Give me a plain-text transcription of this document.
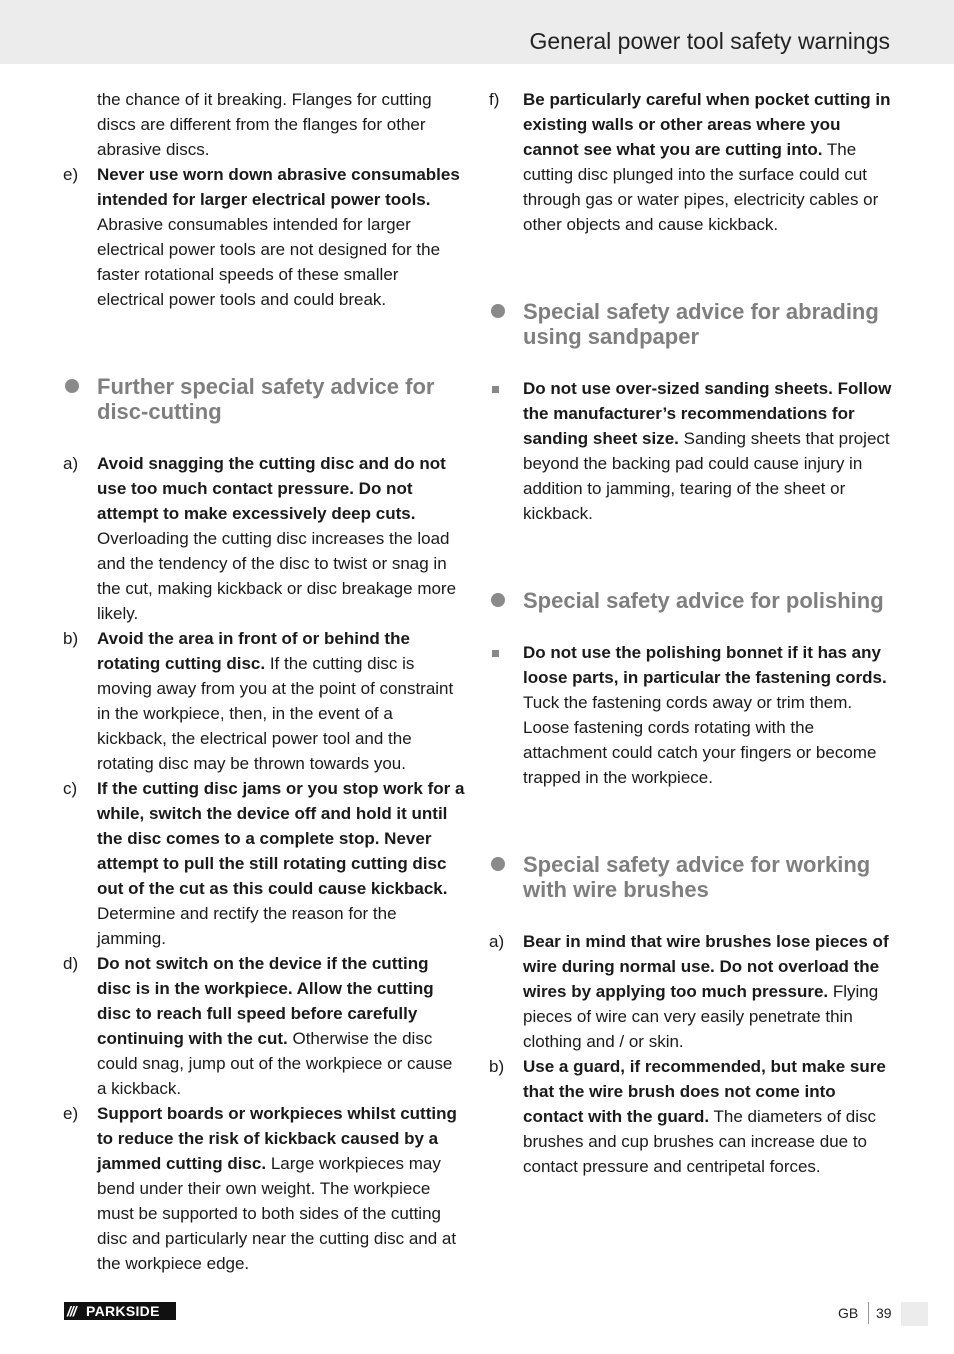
General power tool safety warnings
the chance of it breaking. Flanges for cutting discs are different from the flanges for other abrasive discs.
e)	Never use worn down abrasive consumables intended for larger electrical power tools. Abrasive consumables intended for larger electrical power tools are not designed for the faster rotational speeds of these smaller electrical power tools and could break.
Further special safety advice for disc-cutting
a)	Avoid snagging the cutting disc and do not use too much contact pressure. Do not attempt to make excessively deep cuts. Overloading the cutting disc increases the load and the tendency of the disc to twist or snag in the cut, making kickback or disc breakage more likely.
b)	Avoid the area in front of or behind the rotating cutting disc. If the cutting disc is moving away from you at the point of constraint in the workpiece, then, in the event of a kickback, the electrical power tool and the rotating disc may be thrown towards you.
c)	If the cutting disc jams or you stop work for a while, switch the device off and hold it until the disc comes to a complete stop. Never attempt to pull the still rotating cutting disc out of the cut as this could cause kickback. Determine and rectify the reason for the jamming.
d)	Do not switch on the device if the cutting disc is in the workpiece. Allow the cutting disc to reach full speed before carefully continuing with the cut. Otherwise the disc could snag, jump out of the workpiece or cause a kickback.
e)	Support boards or workpieces whilst cutting to reduce the risk of kickback caused by a jammed cutting disc. Large workpieces may bend under their own weight. The workpiece must be supported to both sides of the cutting disc and particularly near the cutting disc and at the workpiece edge.
f)	Be particularly careful when pocket cutting in existing walls or other areas where you cannot see what you are cutting into. The cutting disc plunged into the surface could cut through gas or water pipes, electricity cables or other objects and cause kickback.
Special safety advice for abrading using sandpaper
Do not use over-sized sanding sheets. Follow the manufacturer’s recommendations for sanding sheet size. Sanding sheets that project beyond the backing pad could cause injury in addition to jamming, tearing of the sheet or kickback.
Special safety advice for polishing
Do not use the polishing bonnet if it has any loose parts, in particular the fastening cords. Tuck the fastening cords away or trim them. Loose fastening cords rotating with the attachment could catch your fingers or become trapped in the workpiece.
Special safety advice for working with wire brushes
a)	Bear in mind that wire brushes lose pieces of wire during normal use. Do not overload the wires by applying too much pressure. Flying pieces of wire can very easily penetrate thin clothing and / or skin.
b)	Use a guard, if recommended, but make sure that the wire brush does not come into contact with the guard. The diameters of disc brushes and cup brushes can increase due to contact pressure and centripetal forces.
/// PARKSIDE	GB 39
